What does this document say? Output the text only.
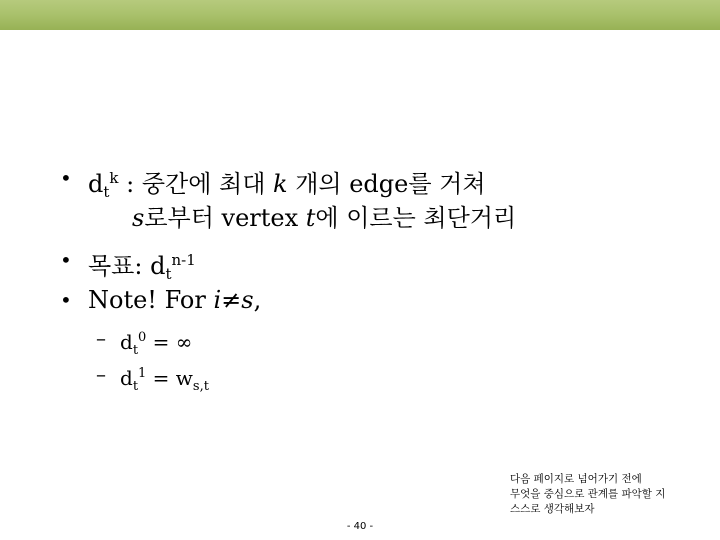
• $d_t^k$ : 중간에 최대 k 개의 edge를 거쳐
s로부터 vertex t에 이르는 최단거리
• 목표: $d_t^{n-1}$
• Note! For i≠s,
– $d_t^0$ = ∞
– $d_t^1 = w_{s,t}$
다음 페이지로 넘어가기 전에
무엇을 중심으로 관계를 파악할 지
스스로 생각해보자
- 40 -
